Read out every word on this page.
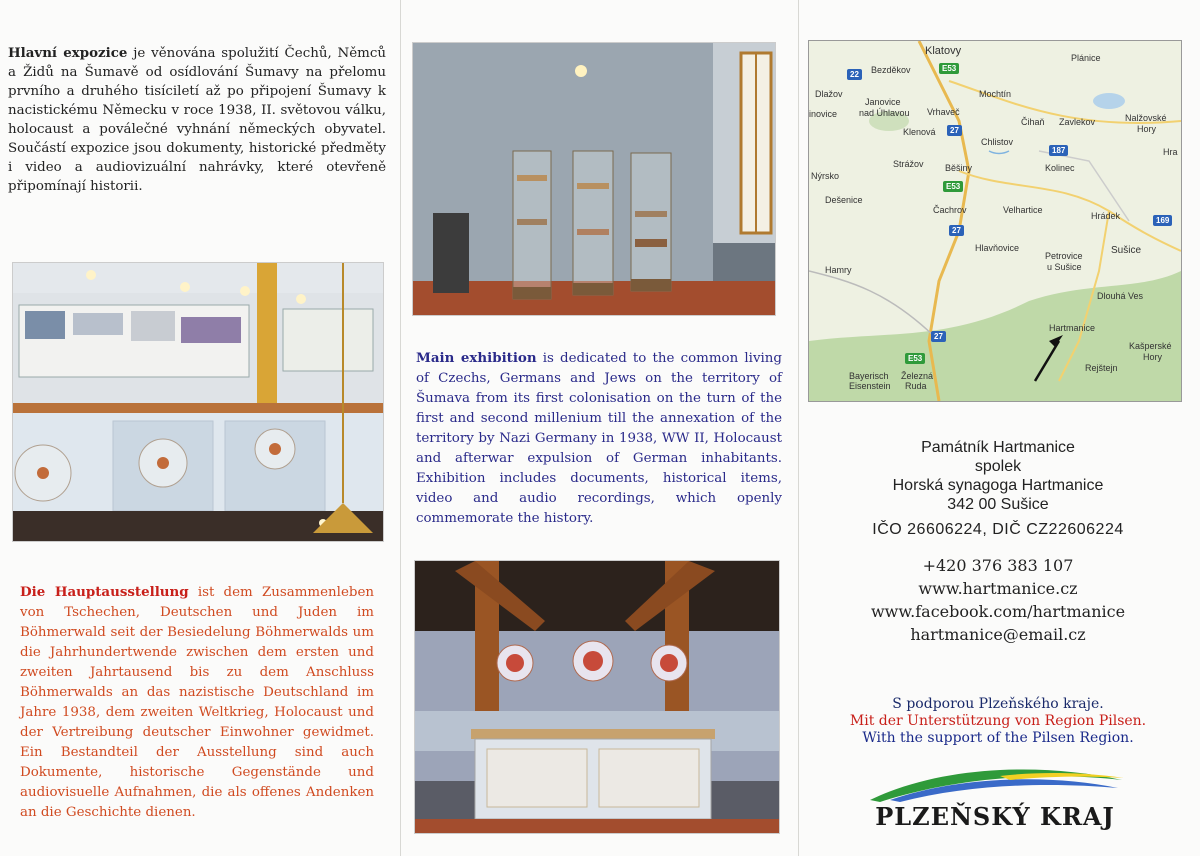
Hlavní expozice je věnována spolužití Čechů, Němců a Židů na Šumavě od osídlování Šumavy na přelomu prvního a druhého tisíciletí až po připojení Šumavy k nacistickému Německu v roce 1938, II. světovou válku, holocaust a poválečné vyhnání německých obyvatel. Součástí expozice jsou dokumenty, historické předměty i video a audiovizuální nahrávky, které otevřeně připomínají historii.
Die Hauptausstellung ist dem Zusammenleben von Tschechen, Deutschen und Juden im Böhmerwald seit der Besiedelung Böhmerwalds um die Jahrhundertwende zwischen dem ersten und zweiten Jahrtausend bis zu dem Anschluss Böhmerwalds an das nazistische Deutschland im Jahre 1938, dem zweiten Weltkrieg, Holocaust und der Vertreibung deutscher Einwohner gewidmet. Ein Bestandteil der Ausstellung sind auch Dokumente, historische Gegenstände und audiovisuelle Aufnahmen, die als offenes Andenken an die Geschichte dienen.
Main exhibition is dedicated to the common living of Czechs, Germans and Jews on the territory of Šumava from its first colonisation on the turn of the first and second millenium till the annexation of the territory by Nazi Germany in 1938, WW II, Holocaust and afterwar expulsion of German inhabitants. Exhibition includes documents, historical items, video and audio recordings, which openly commemorate the history.
Klatovy
Plánice
Bezděkov
Dlažov
Janovice
nad Úhlavou Vrhaveč
Mochtín
Čihaň Zavlekov	Nalžovské
Hory
Klenová
Chlistov
Hra
Strážov Běšiny	Kolinec
Nýrsko
Dešenice
Čachrov	Velhartice
Hrádek
Hlavňovice
Petrovice
u Sušice
Sušice
Hamry
Dlouhá Ves
Hartmanice
Kašperské
Hory
Bayerisch
Eisenstein
Železná
Ruda
Rejštejn
inovice
22
E53
27
187
E53
27
169
27
E53
Památník Hartmanice
spolek
Horská synagoga Hartmanice
342 00 Sušice
IČO 26606224, DIČ CZ22606224
+420 376 383 107
www.hartmanice.cz
www.facebook.com/hartmanice
hartmanice@email.cz
S podporou Plzeňského kraje.
Mit der Unterstützung von Region Pilsen.
With the support of the Pilsen Region.
PLZEŇSKÝ KRAJ
